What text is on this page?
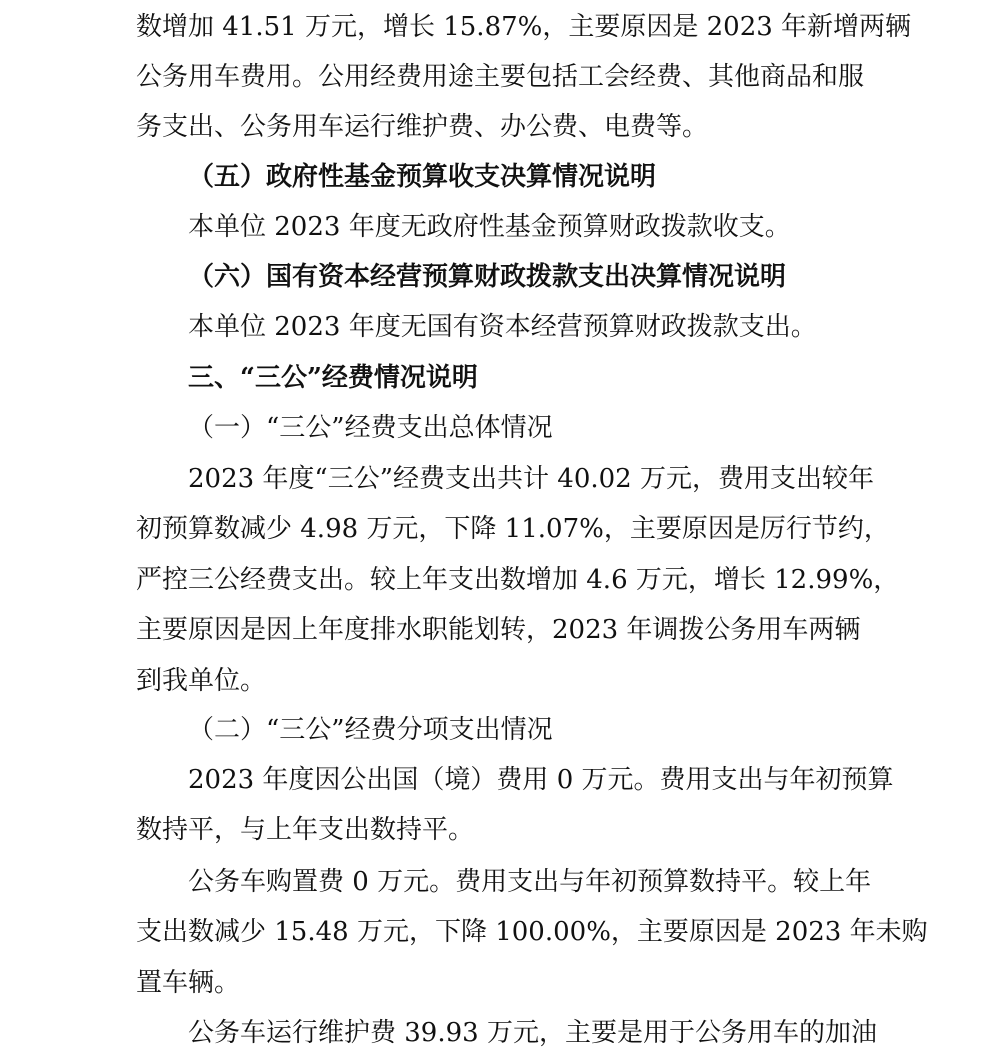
数增加 41.51 万元，增长 15.87%，主要原因是 2023 年新增两辆
公务用车费用。公用经费用途主要包括工会经费、其他商品和服
务支出、公务用车运行维护费、办公费、电费等。
（五）政府性基金预算收支决算情况说明
本单位 2023 年度无政府性基金预算财政拨款收支。
（六）国有资本经营预算财政拨款支出决算情况说明
本单位 2023 年度无国有资本经营预算财政拨款支出。
三、“三公”经费情况说明
（一）“三公”经费支出总体情况
2023 年度“三公”经费支出共计 40.02 万元，费用支出较年
初预算数减少 4.98 万元，下降 11.07%，主要原因是厉行节约，
严控三公经费支出。较上年支出数增加 4.6 万元，增长 12.99%，
主要原因是因上年度排水职能划转，2023 年调拨公务用车两辆
到我单位。
（二）“三公”经费分项支出情况
2023 年度因公出国（境）费用 0 万元。费用支出与年初预算
数持平，与上年支出数持平。
公务车购置费 0 万元。费用支出与年初预算数持平。较上年
支出数减少 15.48 万元，下降 100.00%，主要原因是 2023 年未购
置车辆。
公务车运行维护费 39.93 万元，主要是用于公务用车的加油
